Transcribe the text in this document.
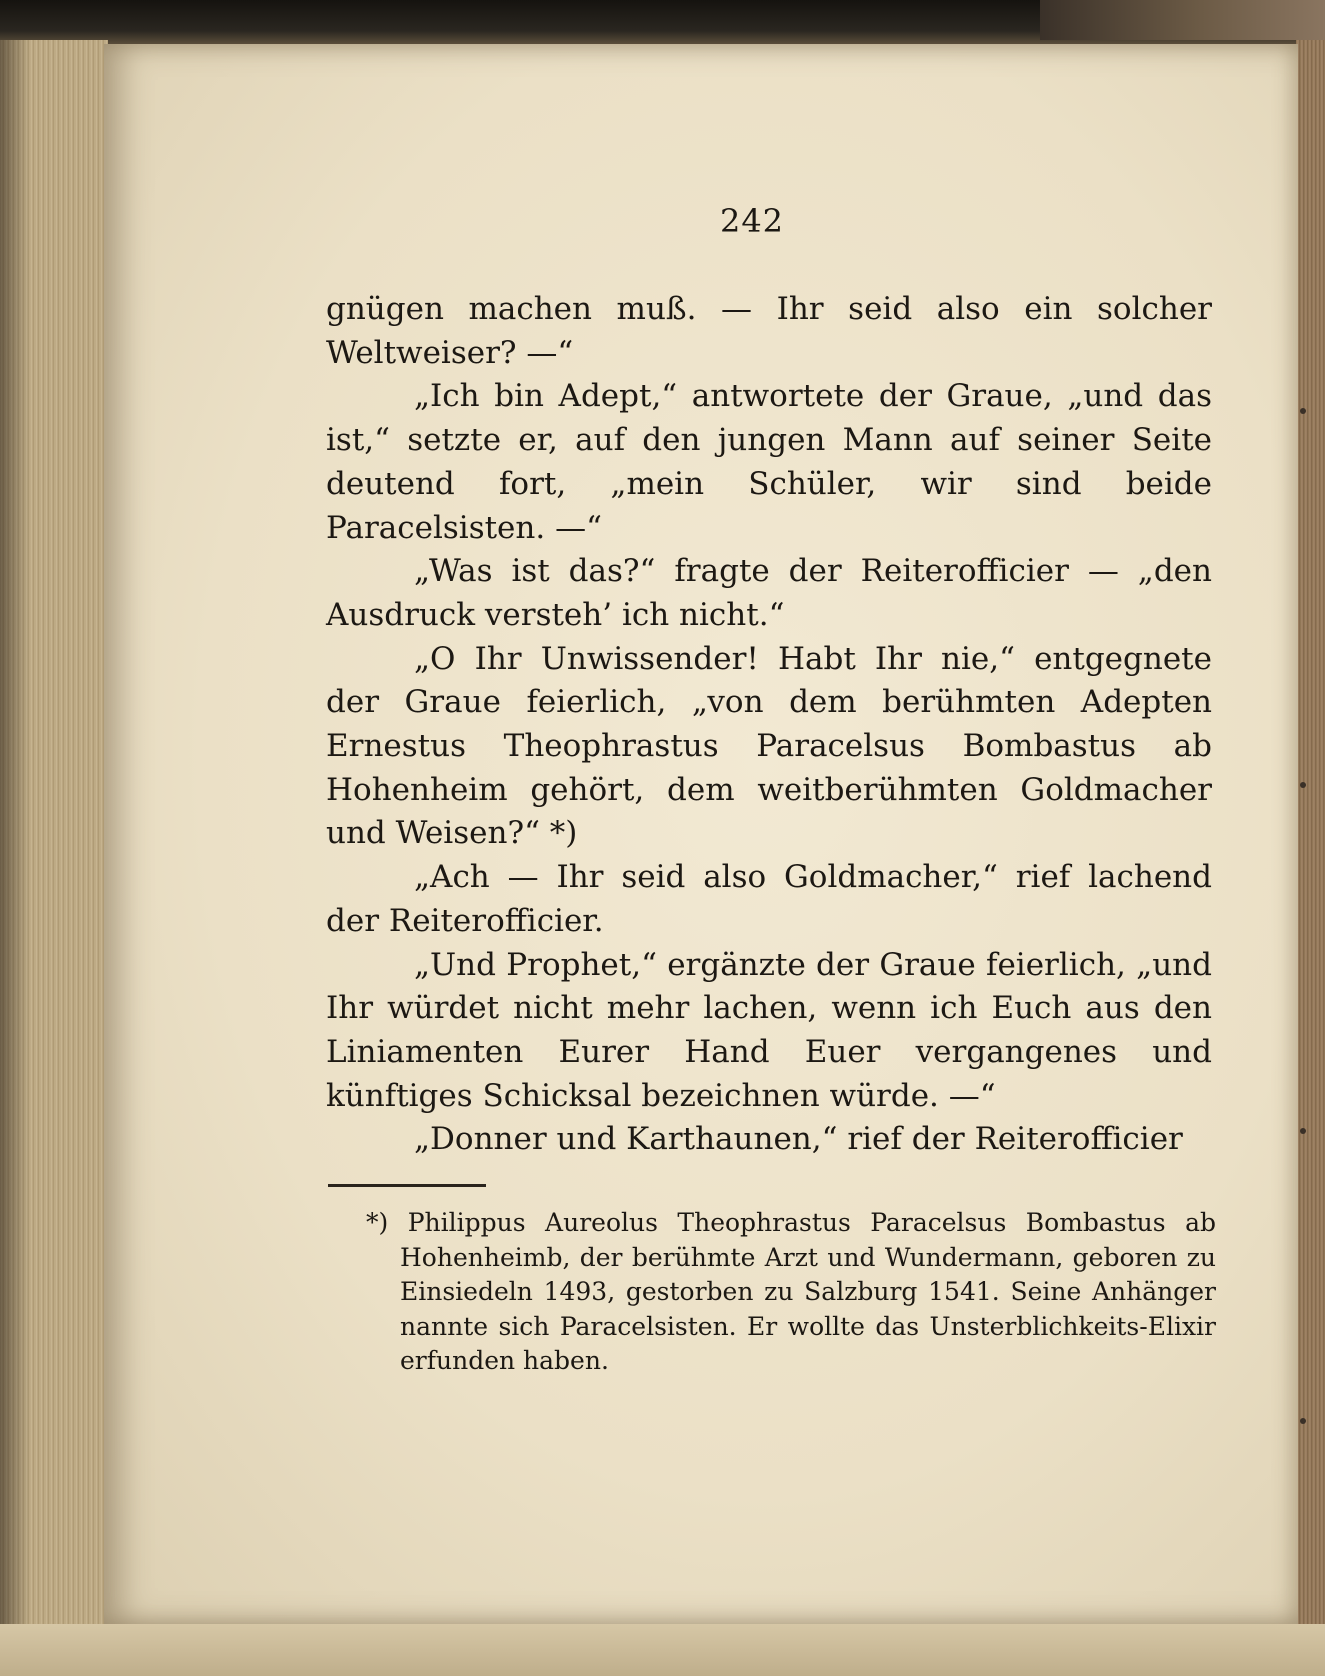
242

gnügen machen muß. — Ihr seid also ein solcher Weltweiser? —“

„Ich bin Adept,“ antwortete der Graue, „und das ist,“ setzte er, auf den jungen Mann auf seiner Seite deutend fort, „mein Schüler, wir sind beide Paracelsisten. —“

„Was ist das?“ fragte der Reiterofficier — „den Ausdruck versteh’ ich nicht.“

„O Ihr Unwissender! Habt Ihr nie,“ entgegnete der Graue feierlich, „von dem berühmten Adepten Ernestus Theophrastus Paracelsus Bombastus ab Hohenheim gehört, dem weitberühmten Goldmacher und Weisen?“ *)

„Ach — Ihr seid also Goldmacher,“ rief lachend der Reiterofficier.

„Und Prophet,“ ergänzte der Graue feierlich, „und Ihr würdet nicht mehr lachen, wenn ich Euch aus den Liniamenten Eurer Hand Euer vergangenes und künftiges Schicksal bezeichnen würde. —“

„Donner und Karthaunen,“ rief der Reiterofficier

*) Philippus Aureolus Theophrastus Paracelsus Bombastus ab Hohenheimb, der berühmte Arzt und Wundermann, geboren zu Einsiedeln 1493, gestorben zu Salzburg 1541. Seine Anhänger nannte sich Paracelsisten. Er wollte das Unsterblichkeits-Elixir erfunden haben.
